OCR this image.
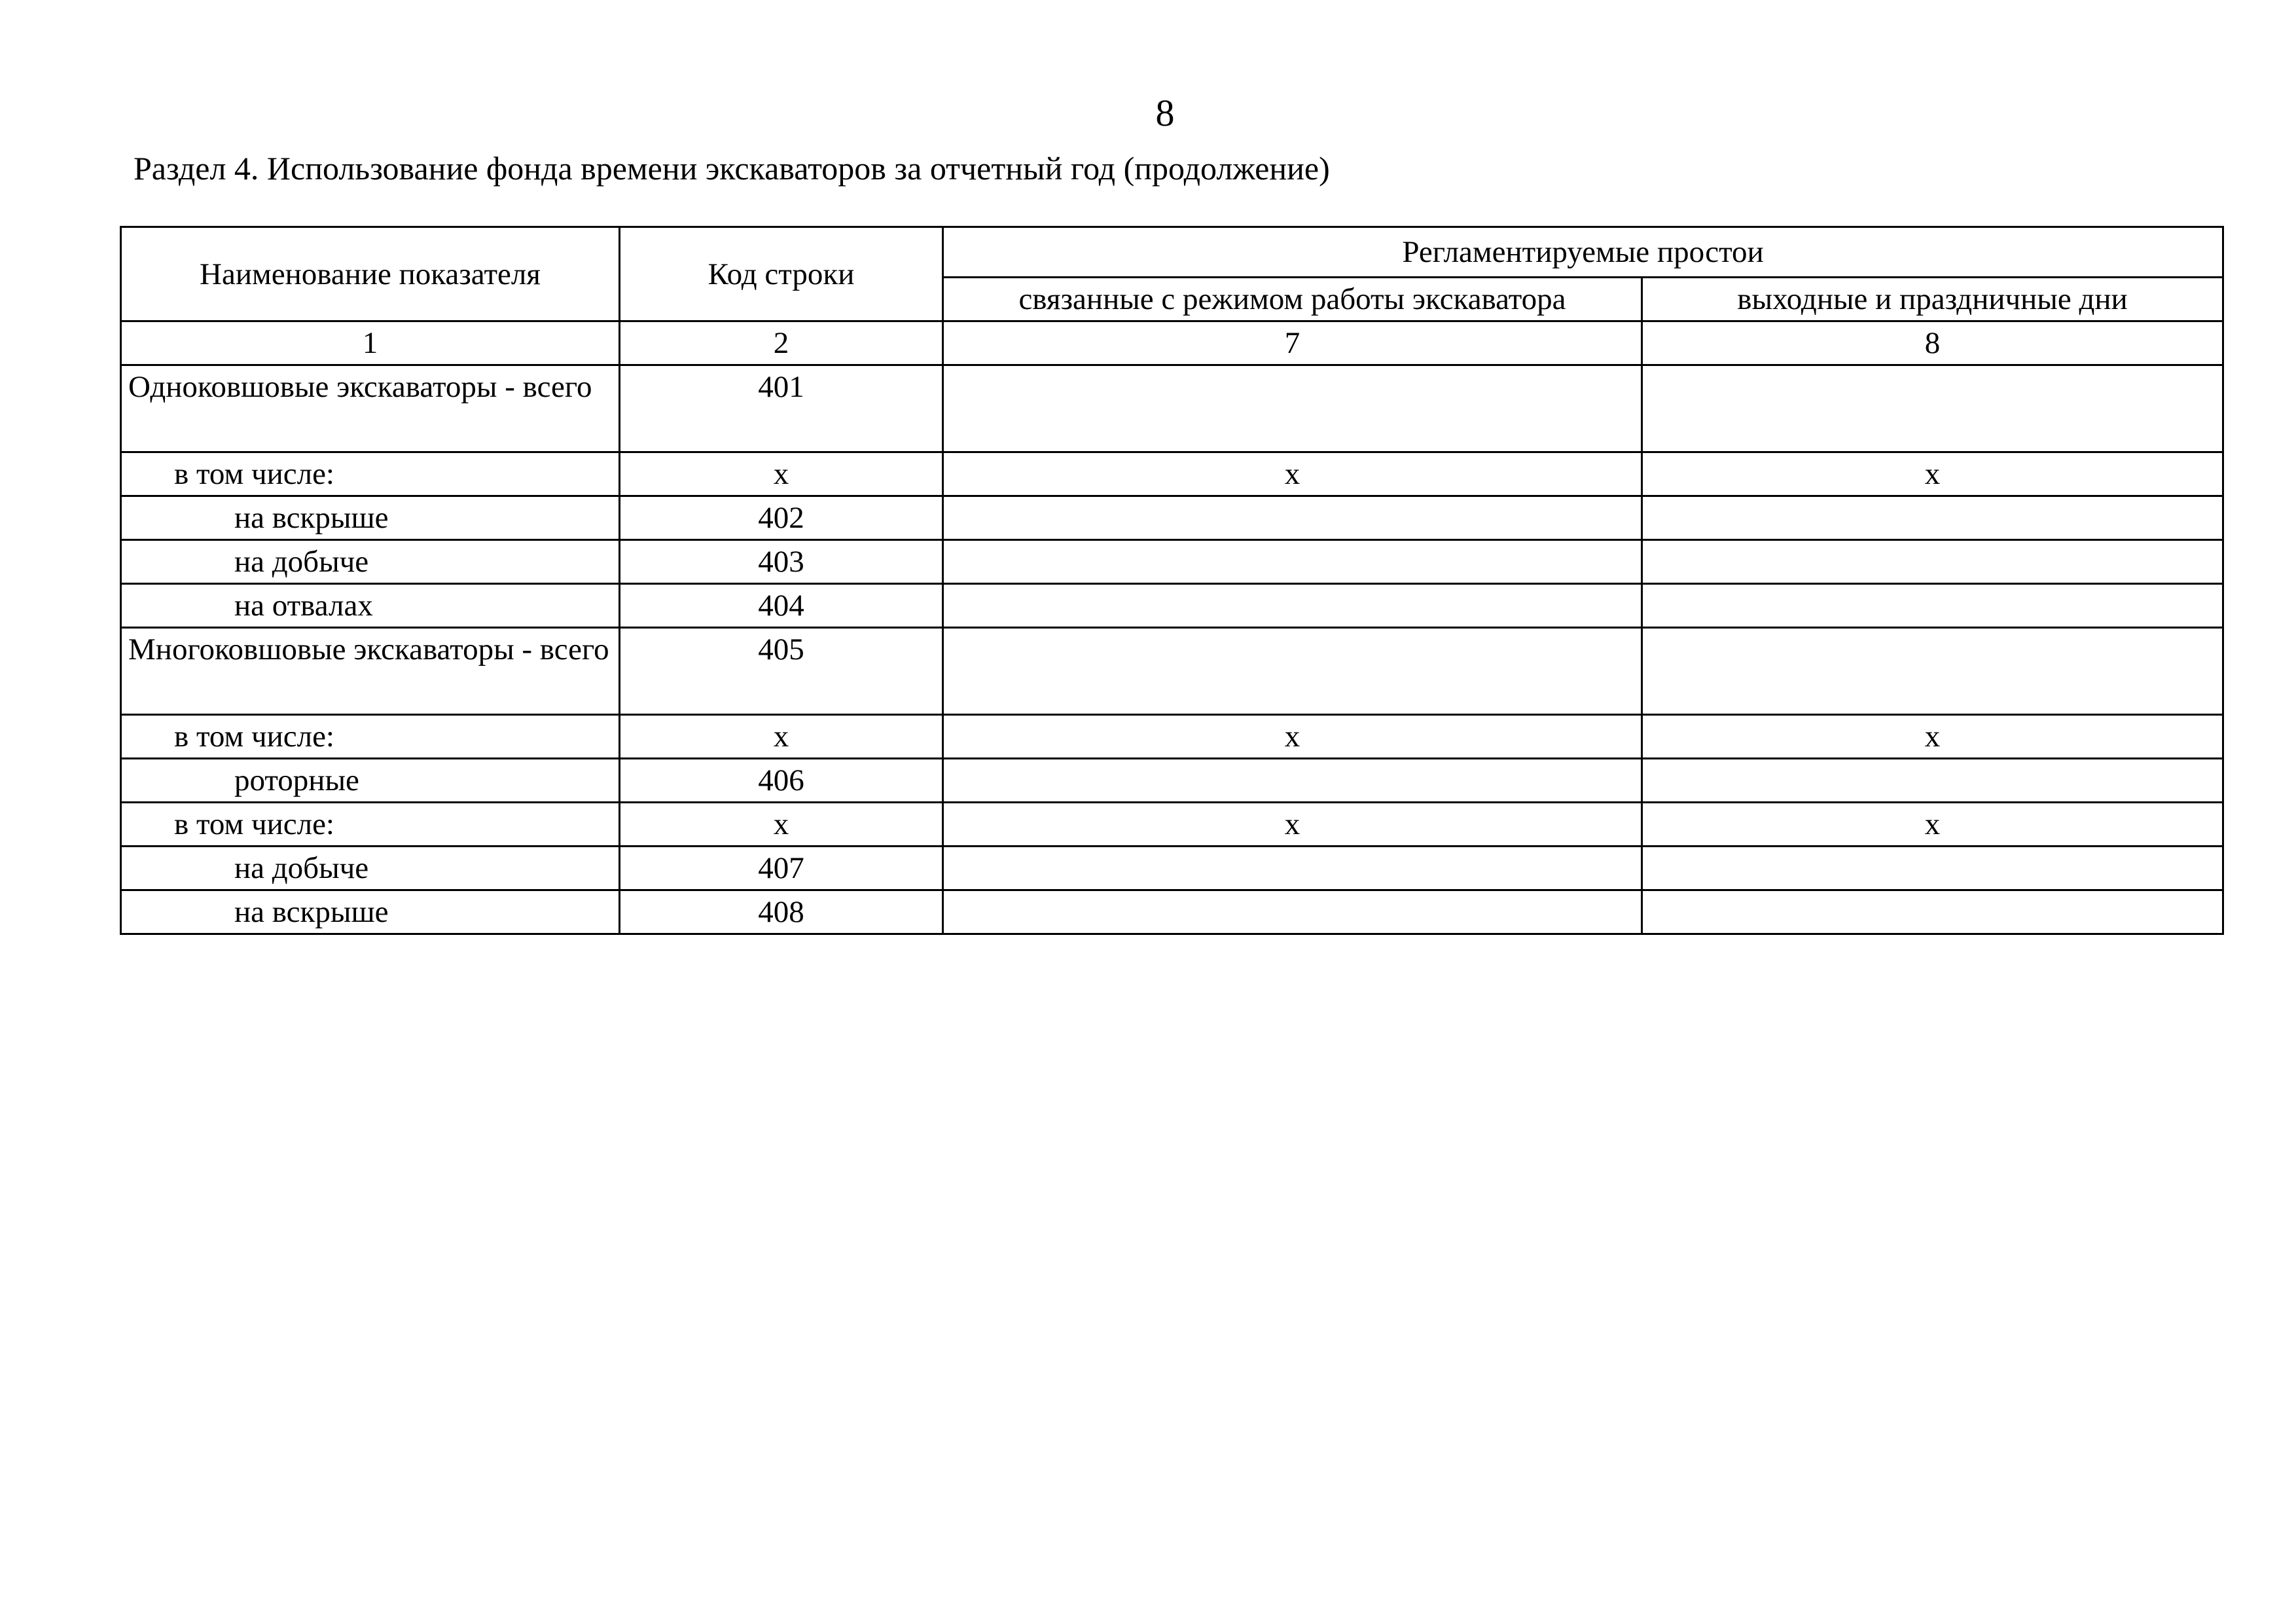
8
Раздел 4. Использование фонда времени экскаваторов за отчетный год (продолжение)
Наименование показателя	Код строки	Регламентируемые простои	
		связанные с режимом работы экскаватора	выходные и праздничные дни
1	2	7	8
Одноковшовые экскаваторы - всего	401		
в том числе:	x	x	x
на вскрыше	402		
на добыче	403		
на отвалах	404		
Многоковшовые экскаваторы - всего	405		
в том числе:	x	x	x
роторные	406		
в том числе:	x	x	x
на добыче	407		
на вскрыше	408		
